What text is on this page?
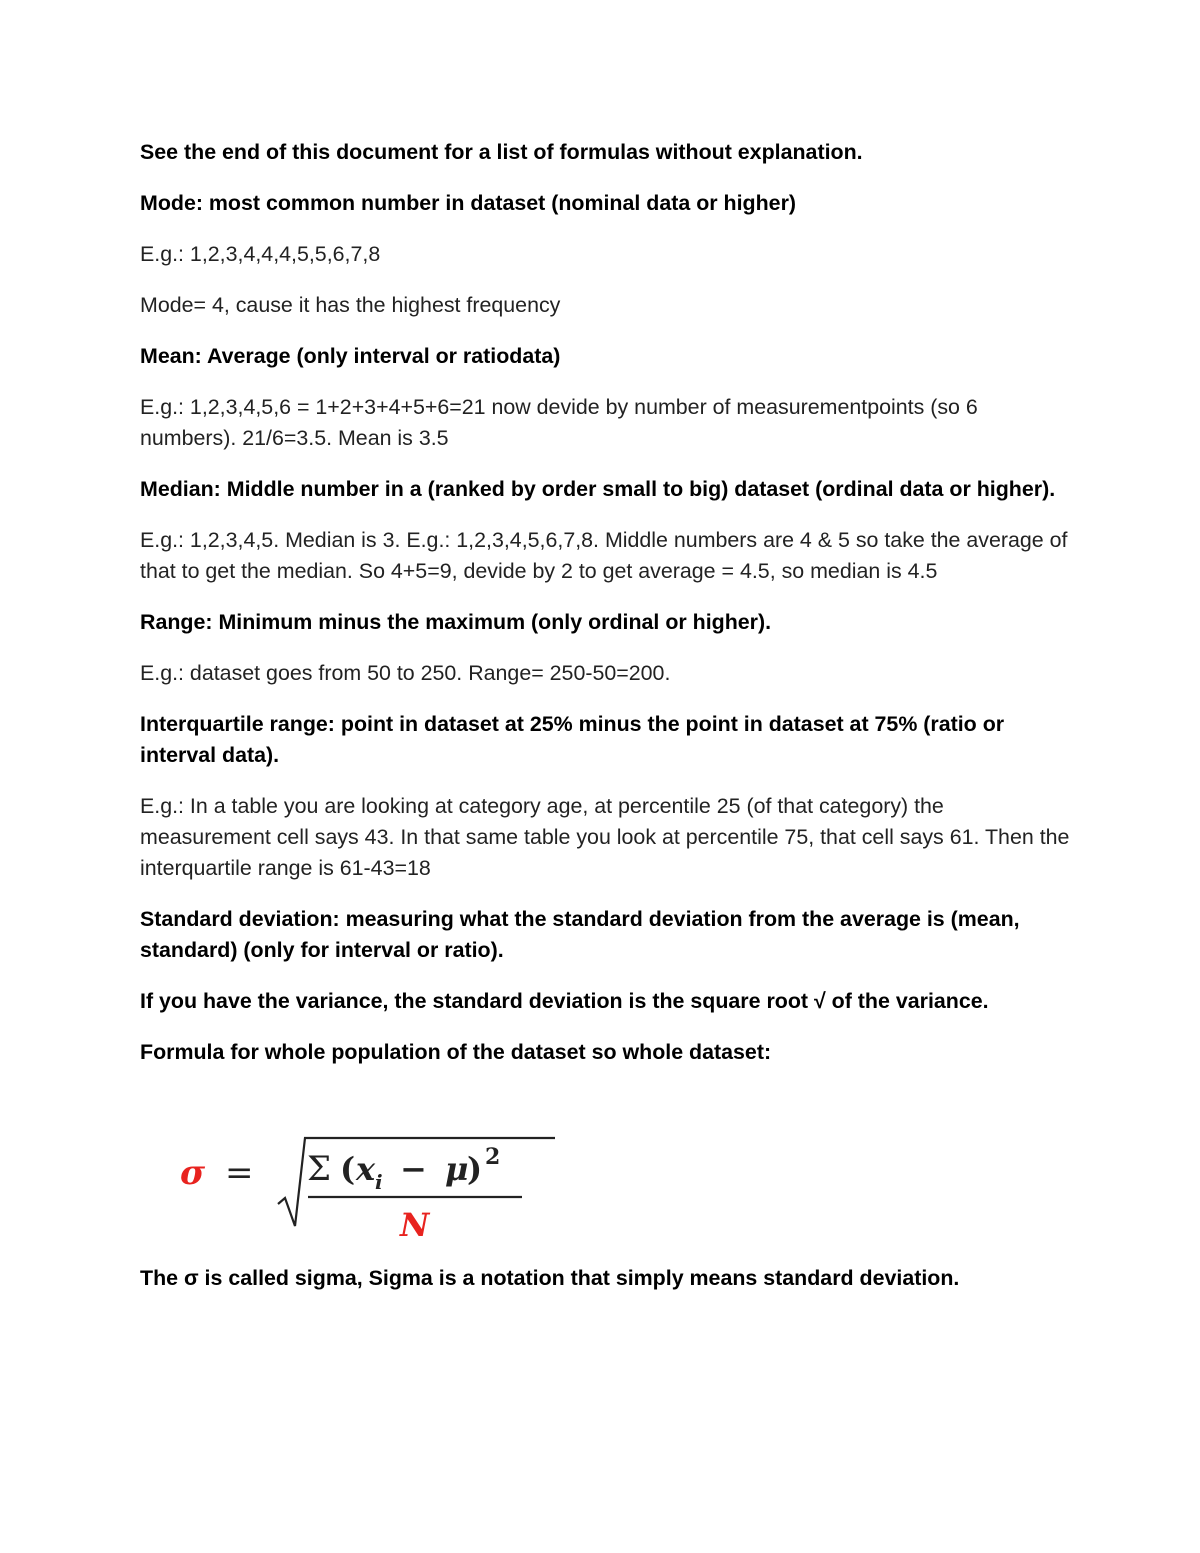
See the end of this document for a list of formulas without explanation.

Mode: most common number in dataset (nominal data or higher)

E.g.: 1,2,3,4,4,4,5,5,6,7,8

Mode= 4, cause it has the highest frequency

Mean: Average (only interval or ratiodata)

E.g.: 1,2,3,4,5,6 = 1+2+3+4+5+6=21 now devide by number of measurementpoints (so 6 numbers). 21/6=3.5. Mean is 3.5

Median: Middle number in a (ranked by order small to big) dataset (ordinal data or higher).

E.g.: 1,2,3,4,5. Median is 3. E.g.: 1,2,3,4,5,6,7,8. Middle numbers are 4 & 5 so take the average of that to get the median. So 4+5=9, devide by 2 to get average = 4.5, so median is 4.5

Range: Minimum minus the maximum (only ordinal or higher).

E.g.: dataset goes from 50 to 250. Range= 250-50=200.

Interquartile range: point in dataset at 25% minus the point in dataset at 75% (ratio or interval data).

E.g.: In a table you are looking at category age, at percentile 25 (of that category) the measurement cell says 43. In that same table you look at percentile 75, that cell says 61. Then the interquartile range is 61-43=18

Standard deviation: measuring what the standard deviation from the average is (mean, standard) (only for interval or ratio).

If you have the variance, the standard deviation is the square root √ of the variance.

Formula for whole population of the dataset so whole dataset:

σ = Σ ( x i − μ
) 2
N

The σ is called sigma, Sigma is a notation that simply means standard deviation.
